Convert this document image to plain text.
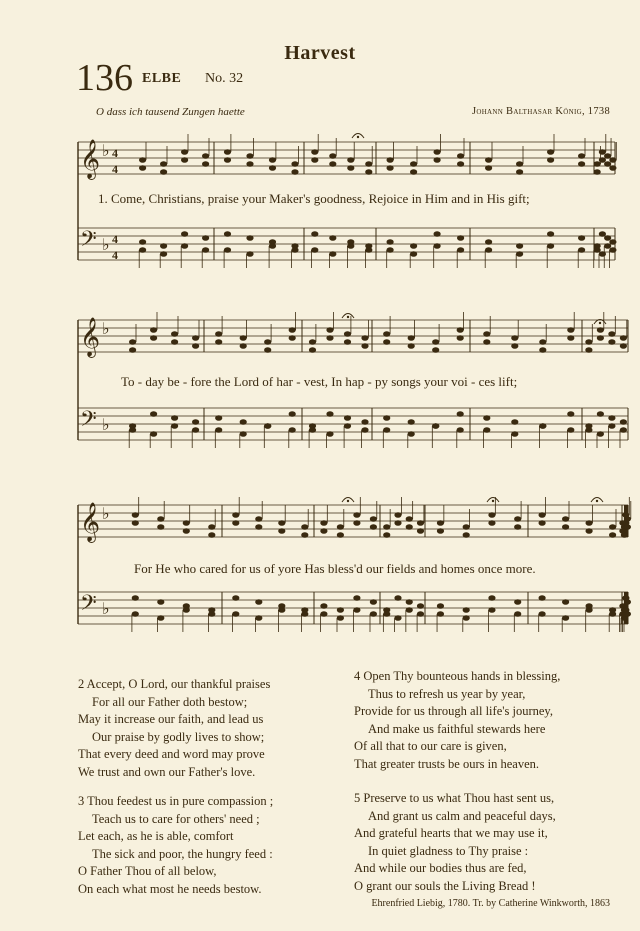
Harvest
136 ELBE No. 32
O dass ich tausend Zungen haette	Johann Balthasar König, 1738
𝄞 ♭ 4
4
𝄢 ♭ 4
4
𝄞 ♭
𝄢 ♭
𝄞 ♭
𝄢 ♭
1. Come, Christians, praise your Maker's goodness, Rejoice in Him and in His gift;
To - day be - fore the Lord of har - vest, In hap - py songs your voi - ces lift;
For He who cared for us of yore Has bless'd our fields and homes once more.
2 Accept, O Lord, our thankful praises
For all our Father doth bestow;
May it increase our faith, and lead us
Our praise by godly lives to show;
That every deed and word may prove
We trust and own our Father's love.
3 Thou feedest us in pure compassion ;
Teach us to care for others' need ;
Let each, as he is able, comfort
The sick and poor, the hungry feed :
O Father Thou of all below,
On each what most he needs bestow.
4 Open Thy bounteous hands in blessing,
Thus to refresh us year by year,
Provide for us through all life's journey,
And make us faithful stewards here
Of all that to our care is given,
That greater trusts be ours in heaven.
5 Preserve to us what Thou hast sent us,
And grant us calm and peaceful days,
And grateful hearts that we may use it,
In quiet gladness to Thy praise :
And while our bodies thus are fed,
O grant our souls the Living Bread !
Ehrenfried Liebig, 1780. Tr. by Catherine Winkworth, 1863
